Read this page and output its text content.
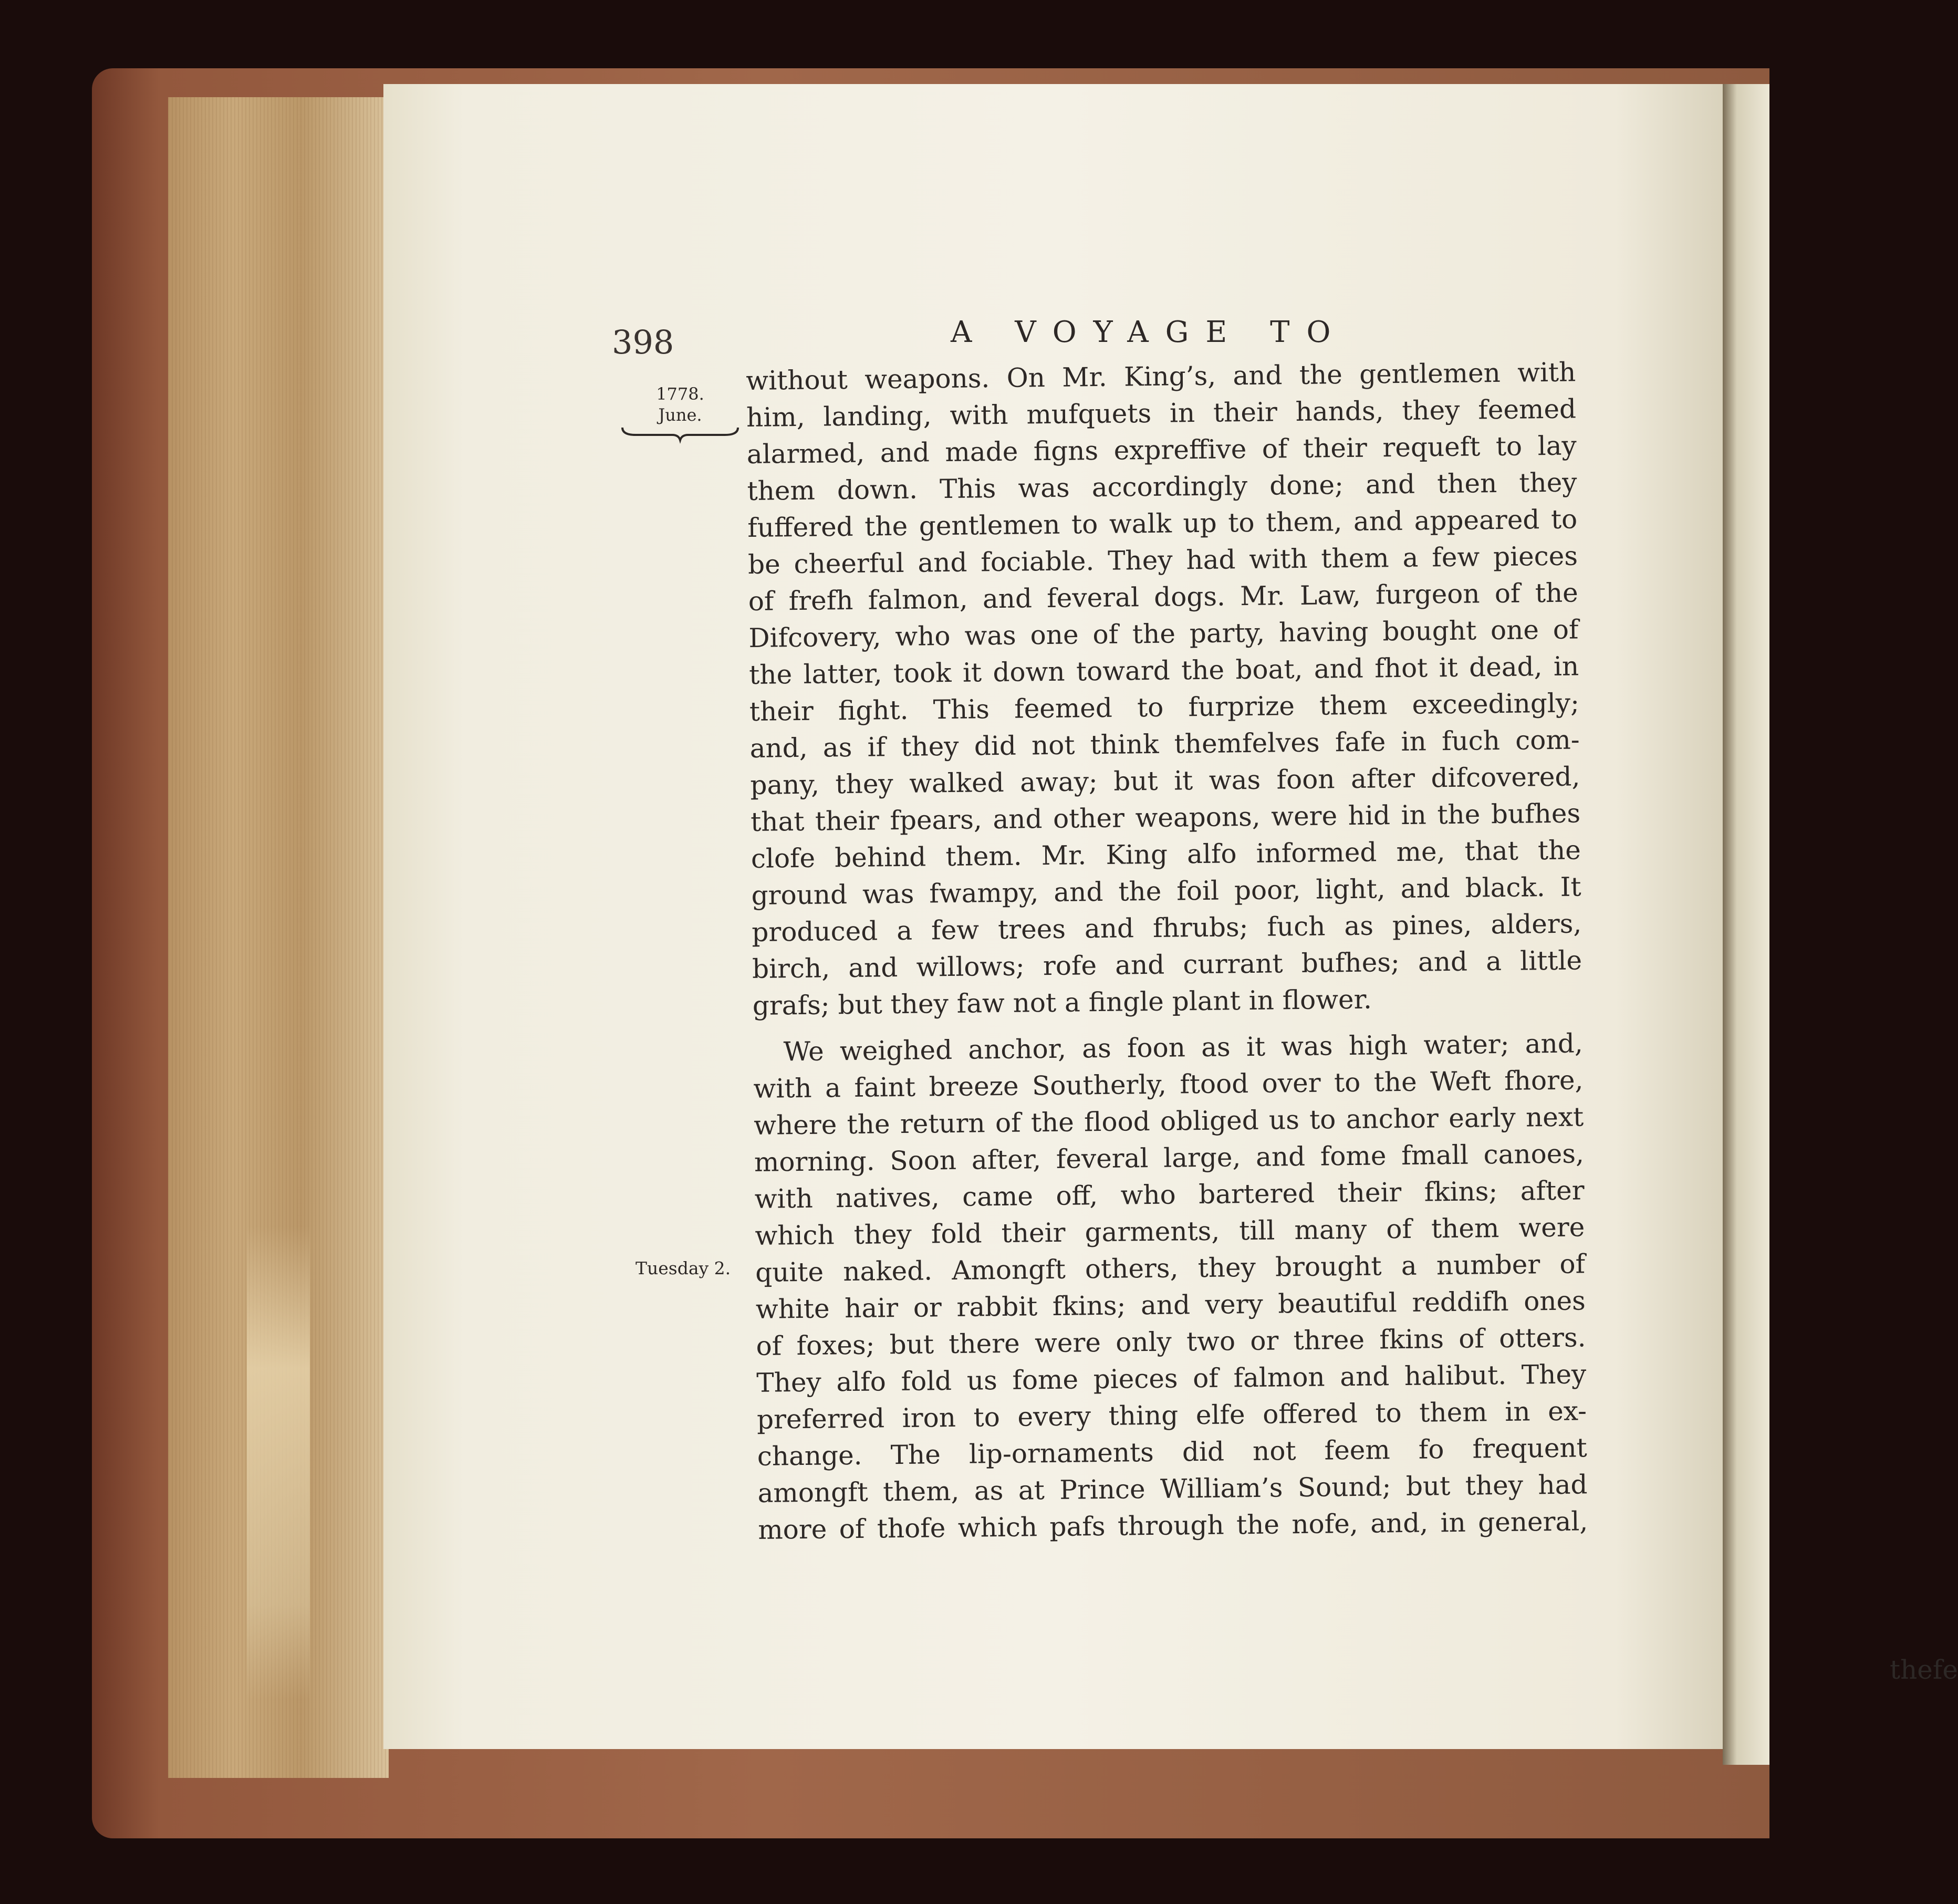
398	A VOYAGE TO
1778.
June.
Tuesday 2.
without weapons. On Mr. King’s, and the gentlemen with
him, landing, with mufquets in their hands, they feemed
alarmed, and made figns expreffive of their requeft to lay
them down. This was accordingly done; and then they
fuffered the gentlemen to walk up to them, and appeared to
be cheerful and fociable. They had with them a few pieces
of frefh falmon, and feveral dogs. Mr. Law, furgeon of the
Difcovery, who was one of the party, having bought one of
the latter, took it down toward the boat, and fhot it dead, in
their fight. This feemed to furprize them exceedingly;
and, as if they did not think themfelves fafe in fuch com-
pany, they walked away; but it was foon after difcovered,
that their fpears, and other weapons, were hid in the bufhes
clofe behind them. Mr. King alfo informed me, that the
ground was fwampy, and the foil poor, light, and black. It
produced a few trees and fhrubs; fuch as pines, alders,
birch, and willows; rofe and currant bufhes; and a little
grafs; but they faw not a fingle plant in flower.
We weighed anchor, as foon as it was high water; and,
with a faint breeze Southerly, ftood over to the Weft fhore,
where the return of the flood obliged us to anchor early next
morning. Soon after, feveral large, and fome fmall canoes,
with natives, came off, who bartered their fkins; after
which they fold their garments, till many of them were
quite naked. Amongft others, they brought a number of
white hair or rabbit fkins; and very beautiful reddifh ones
of foxes; but there were only two or three fkins of otters.
They alfo fold us fome pieces of falmon and halibut. They
preferred iron to every thing elfe offered to them in ex-
change. The lip-ornaments did not feem fo frequent
amongft them, as at Prince William’s Sound; but they had
more of thofe which pafs through the nofe, and, in general,
thefe
